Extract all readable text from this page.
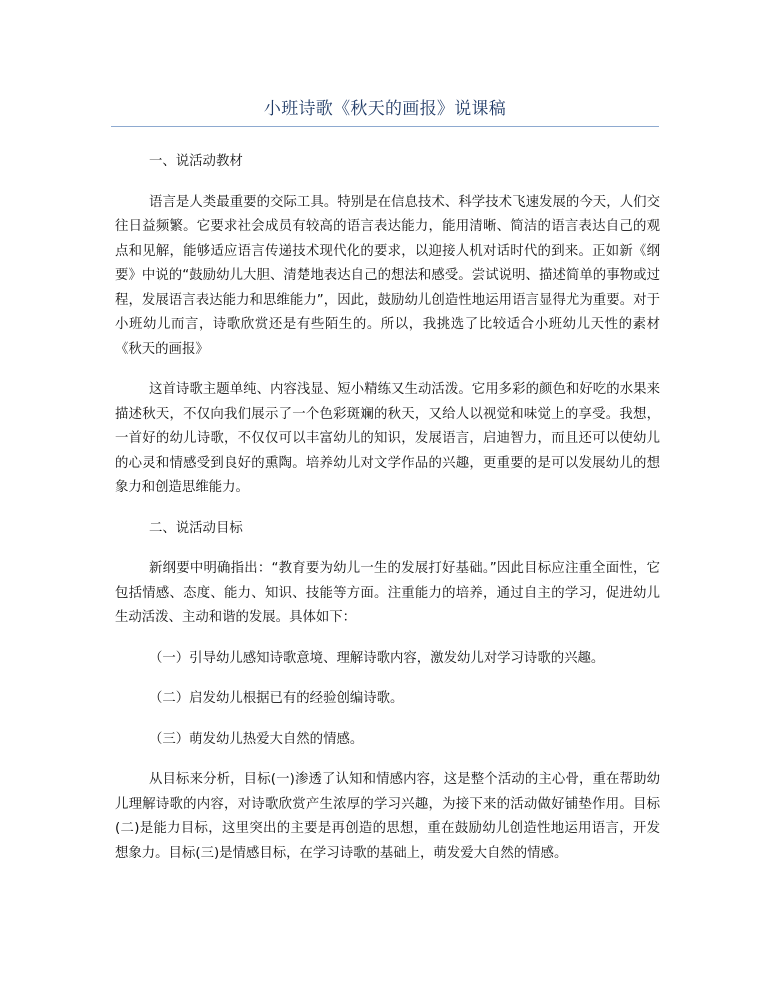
小班诗歌《秋天的画报》说课稿

一、说活动教材

语言是人类最重要的交际工具。特别是在信息技术、科学技术飞速发展的今天，人们交往日益频繁。它要求社会成员有较高的语言表达能力，能用清晰、简洁的语言表达自己的观点和见解，能够适应语言传递技术现代化的要求，以迎接人机对话时代的到来。正如新《纲要》中说的“鼓励幼儿大胆、清楚地表达自己的想法和感受。尝试说明、描述简单的事物或过程，发展语言表达能力和思维能力”，因此，鼓励幼儿创造性地运用语言显得尤为重要。对于小班幼儿而言，诗歌欣赏还是有些陌生的。所以，我挑选了比较适合小班幼儿天性的素材《秋天的画报》

这首诗歌主题单纯、内容浅显、短小精练又生动活泼。它用多彩的颜色和好吃的水果来描述秋天，不仅向我们展示了一个色彩斑斓的秋天，又给人以视觉和味觉上的享受。我想，一首好的幼儿诗歌，不仅仅可以丰富幼儿的知识，发展语言，启迪智力，而且还可以使幼儿的心灵和情感受到良好的熏陶。培养幼儿对文学作品的兴趣，更重要的是可以发展幼儿的想象力和创造思维能力。

二、说活动目标

新纲要中明确指出：“教育要为幼儿一生的发展打好基础。”因此目标应注重全面性，它包括情感、态度、能力、知识、技能等方面。注重能力的培养，通过自主的学习，促进幼儿生动活泼、主动和谐的发展。具体如下：

（一）引导幼儿感知诗歌意境、理解诗歌内容，激发幼儿对学习诗歌的兴趣。

（二）启发幼儿根据已有的经验创编诗歌。

（三）萌发幼儿热爱大自然的情感。

从目标来分析，目标(一)渗透了认知和情感内容，这是整个活动的主心骨，重在帮助幼儿理解诗歌的内容，对诗歌欣赏产生浓厚的学习兴趣，为接下来的活动做好铺垫作用。目标(二)是能力目标，这里突出的主要是再创造的思想，重在鼓励幼儿创造性地运用语言，开发想象力。目标(三)是情感目标，在学习诗歌的基础上，萌发爱大自然的情感。
